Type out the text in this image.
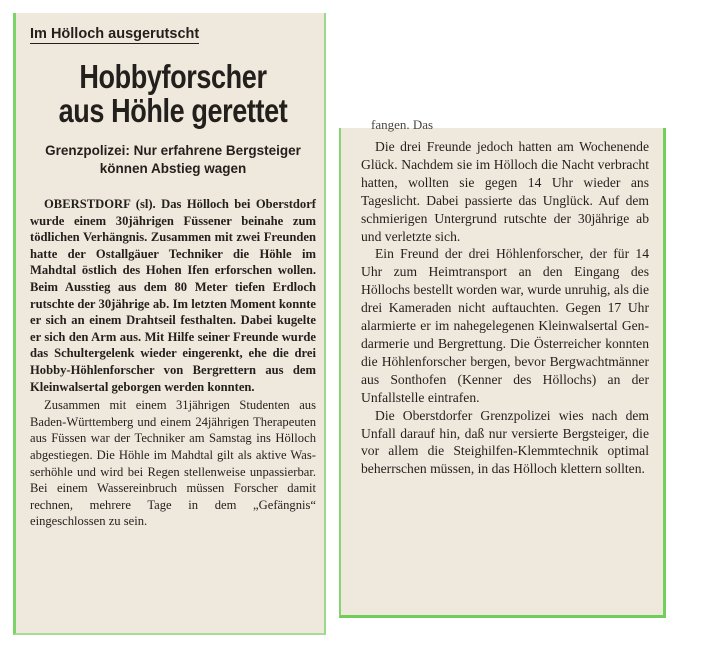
Im Hölloch ausgerutscht
Hobbyforscher aus Höhle gerettet
Grenzpolizei: Nur erfahrene Bergsteiger können Abstieg wagen

OBERSTDORF (sl). Das Hölloch bei Oberstdorf wurde einem 30jährigen Füssener beinahe zum tödlichen Verhängnis. Zusammen mit zwei Freunden hatte der Ostallgäuer Techniker die Höhle im Mahdtal östlich des Hohen Ifen erforschen wollen. Beim Ausstieg aus dem 80 Meter tiefen Erdloch rutschte der 30jährige ab. Im letzten Moment konnte er sich an einem Drahtseil festhalten. Dabei kugelte er sich den Arm aus. Mit Hilfe seiner Freunde wurde das Schultergelenk wieder eingerenkt, ehe die drei Hobby-Höhlenforscher von Bergrettern aus dem Kleinwalsertal geborgen werden konnten.

Zusammen mit einem 31jährigen Studenten aus Baden-Württemberg und einem 24jährigen Therapeuten aus Füssen war der Techniker am Samstag ins Hölloch abgestiegen. Die Höhle im Mahdtal gilt als aktive Wasserhöhle und wird bei Regen stellenweise unpassierbar. Bei einem Wassereinbruch müssen Forscher damit rechnen, mehrere Tage in dem „Gefängnis“ eingeschlossen zu sein.

fangen. Das

Die drei Freunde jedoch hatten am Wochenende Glück. Nachdem sie im Hölloch die Nacht verbracht hatten, wollten sie gegen 14 Uhr wieder ans Tageslicht. Dabei passierte das Unglück. Auf dem schmierigen Untergrund rutschte der 30jährige ab und verletzte sich.

Ein Freund der drei Höhlenforscher, der für 14 Uhr zum Heimtransport an den Eingang des Höllochs bestellt worden war, wurde unruhig, als die drei Kameraden nicht auftauchten. Gegen 17 Uhr alarmierte er im nahegelegenen Kleinwalsertal Gendarmerie und Bergrettung. Die Österreicher konnten die Höhlenforscher bergen, bevor Bergwachtmänner aus Sonthofen (Kenner des Höllochs) an der Unfallstelle eintrafen.

Die Oberstdorfer Grenzpolizei wies nach dem Unfall darauf hin, daß nur versierte Bergsteiger, die vor allem die Steighilfen-Klemmtechnik optimal beherrschen müssen, in das Hölloch klettern sollten.
